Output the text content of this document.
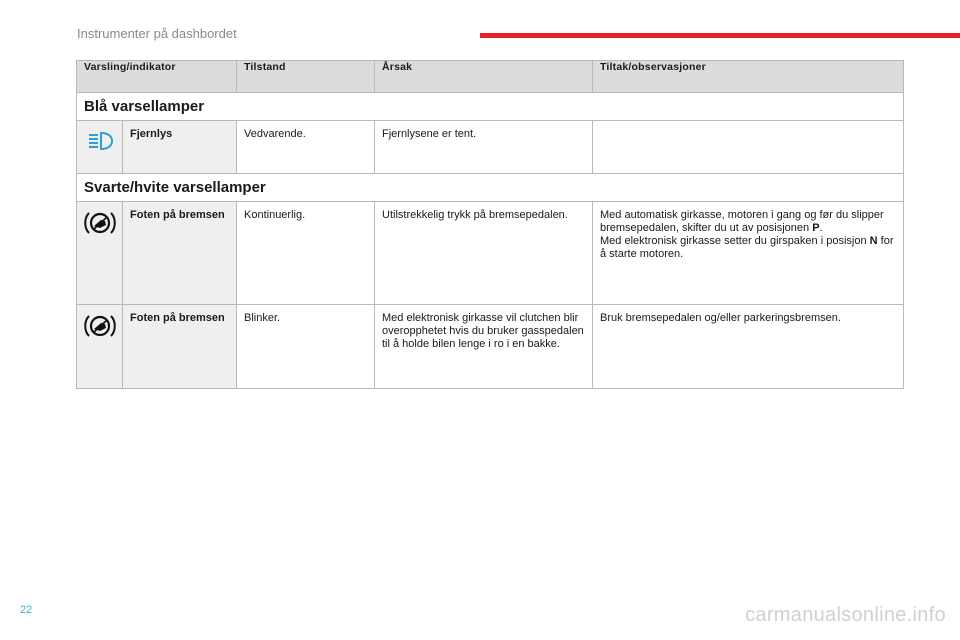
Instrumenter på dashbordet
Varsling/indikator		Tilstand	Årsak	Tiltak/observasjoner
Blå varsellamper				

	Fjernlys	Vedvarende.	Fjernlysene er tent.	
Svarte/hvite varsellamper				

	Foten på bremsen	Kontinuerlig.	Utilstrekkelig trykk på bremsepedalen.	Med automatisk girkasse, motoren i gang og før du slipper bremsepedalen, skifter du ut av posisjonen P.
Med elektronisk girkasse setter du girspaken i posisjon N for å starte motoren.

	Foten på bremsen	Blinker.	Med elektronisk girkasse vil clutchen blir overopphetet hvis du bruker gasspedalen til å holde bilen lenge i ro i en bakke.	Bruk bremsepedalen og/eller parkeringsbremsen.
22	carmanualsonline.info
